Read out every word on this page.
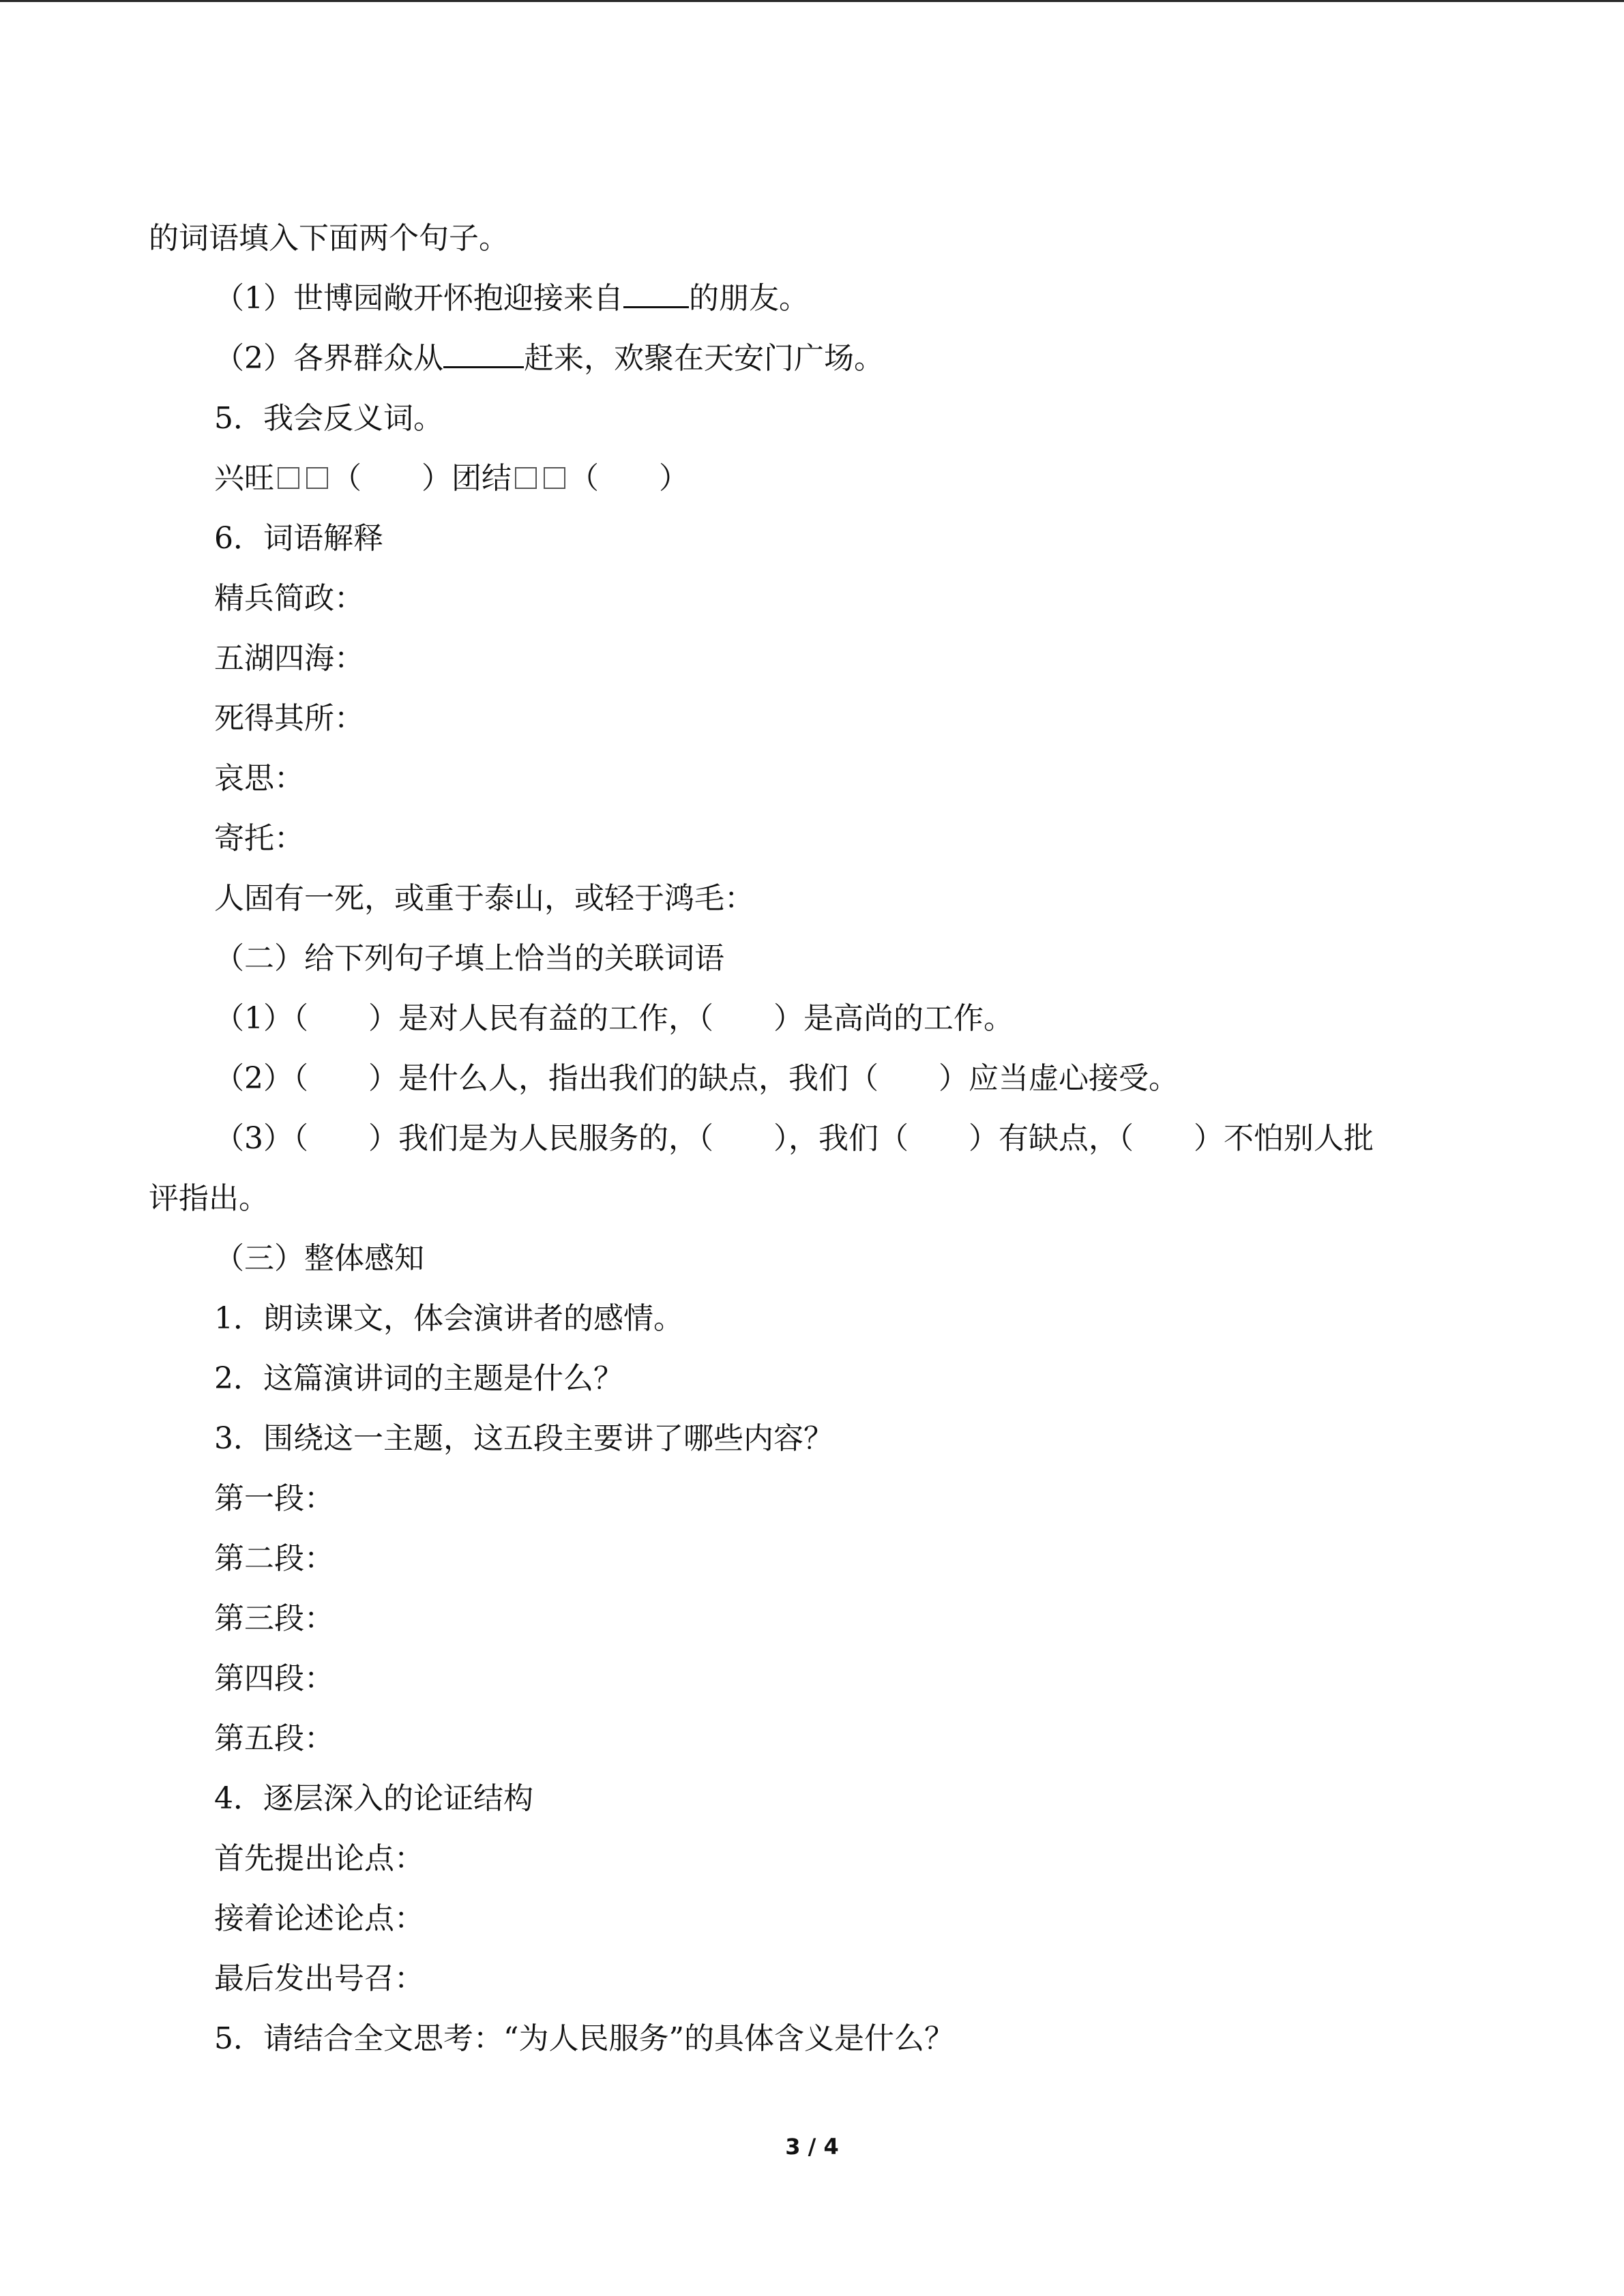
的词语填入下面两个句子。
（1）世博园敞开怀抱迎接来自 的朋友。
（2）各界群众从	赶来，欢聚在天安门广场。
5．我会反义词。
兴旺 （　　）团结 （　　）
6．词语解释
精兵简政：
五湖四海：
死得其所：
哀思：
寄托：
人固有一死，或重于泰山，或轻于鸿毛：
（二）给下列句子填上恰当的关联词语
（1）（　　）是对人民有益的工作，（　　）是高尚的工作。
（2）（　　）是什么人，指出我们的缺点，我们（　　）应当虚心接受。
（3）（　　）我们是为人民服务的，（　　），我们（　　）有缺点，（　　）不怕别人批
评指出。
（三）整体感知
1．朗读课文，体会演讲者的感情。
2．这篇演讲词的主题是什么？
3．围绕这一主题，这五段主要讲了哪些内容？
第一段：
第二段：
第三段：
第四段：
第五段：
4．逐层深入的论证结构
首先提出论点：
接着论述论点：
最后发出号召：
5．请结合全文思考：“为人民服务”的具体含义是什么？
3 / 4
